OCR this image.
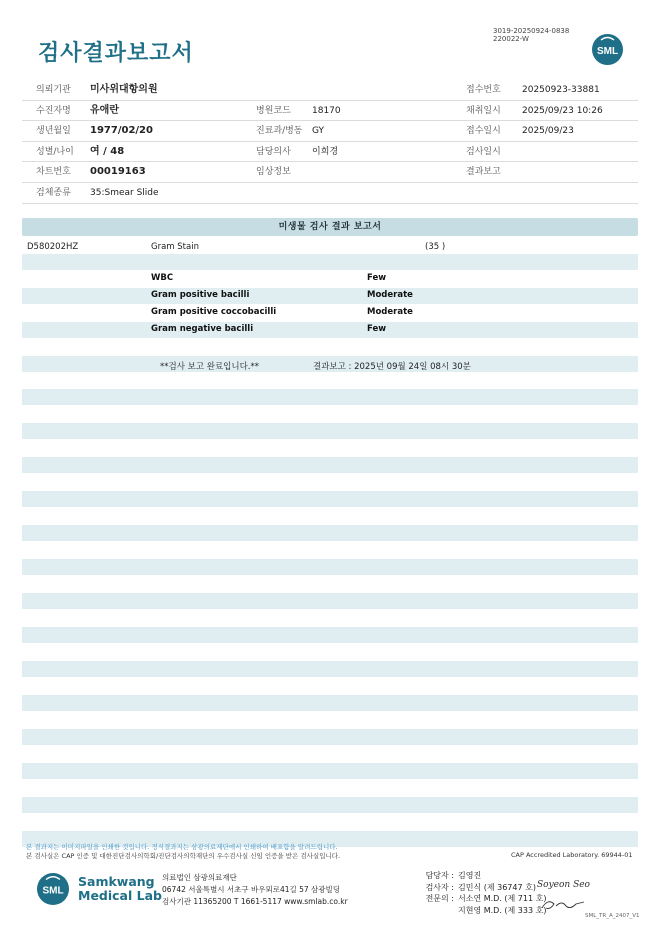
검사결과보고서
3019-20250924-0838
220022-W
SML
의뢰기관 미사위대항의원	접수번호 20250923-33881
수진자명 유애란	병원코드 18170	채취일시 2025/09/23 10:26
생년월일 1977/02/20	진료과/병동 GY	접수일시 2025/09/23
성별/나이 여 / 48	담당의사 이희경	검사일시
차트번호 00019163	임상정보	결과보고
검체종류 35:Smear Slide
미생물 검사 결과 보고서
D580202HZ	Gram Stain	(35 )
WBC	Few
Gram positive bacilli	Moderate
Gram positive coccobacilli	Moderate
Gram negative bacilli	Few
**검사 보고 완료입니다.**	결과보고 : 2025년 09월 24일 08시 30분
본 결과지는 이미지파일을 인쇄한 것입니다. 정식결과지는 삼광의료재단에서 인쇄하여 배포함을 알려드립니다.
본 검사실은 CAP 인증 및 대한진단검사의학회/진단검사의학재단의 우수검사실 신임 인증을 받은 검사실입니다.	CAP Accredited Laboratory. 69944-01
SML
Samkwang
Medical Lab
의료법인 삼광의료재단
06742 서울특별시 서초구 바우뫼로41길 57 삼광빌딩
검사기관 11365200 T 1661-5117 www.smlab.co.kr
담당자 : 김영진
검사자 : 김민식 (제 36747 호)
전문의 : 서소연 M.D. (제 711 호)
지현영 M.D. (제 333 호)
Soyeon Seo
SML_TR_A_2407_V1
